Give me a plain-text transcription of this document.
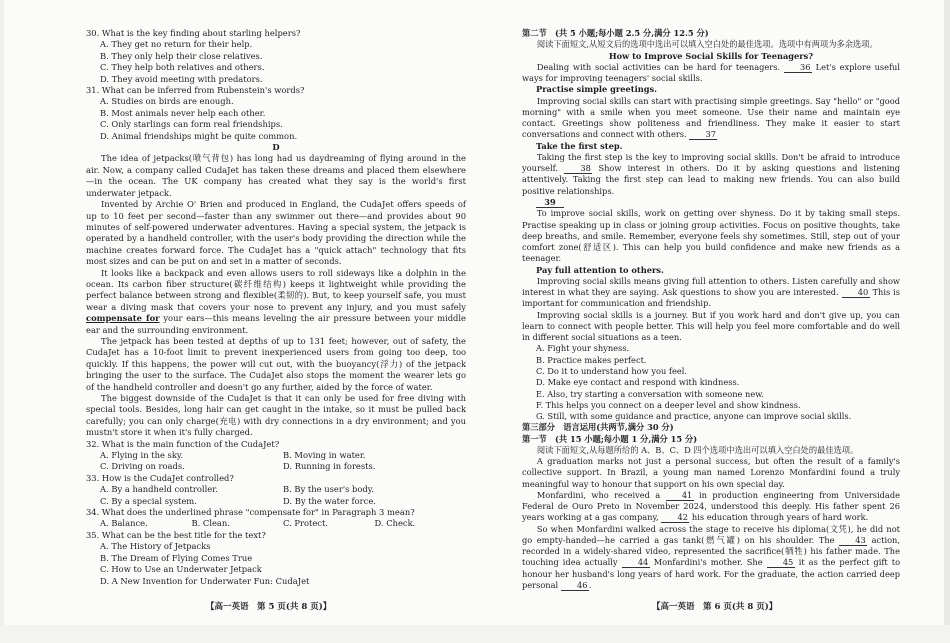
30. What is the key finding about starling helpers?

A. They get no return for their help.

B. They only help their close relatives.

C. They help both relatives and others.

D. They avoid meeting with predators.

31. What can be inferred from Rubenstein's words?

A. Studies on birds are enough.

B. Most animals never help each other.

C. Only starlings can form real friendships.

D. Animal friendships might be quite common.

D

The idea of jetpacks(喷气背包) has long had us daydreaming of flying around in the air. Now, a company called CudaJet has taken these dreams and placed them elsewhere—in the ocean. The UK company has created what they say is the world's first underwater jetpack.

Invented by Archie O' Brien and produced in England, the CudaJet offers speeds of up to 10 feet per second—faster than any swimmer out there—and provides about 90 minutes of self-powered underwater adventures. Having a special system, the jetpack is operated by a handheld controller, with the user's body providing the direction while the machine creates forward force. The CudaJet has a "quick attach" technology that fits most sizes and can be put on and set in a matter of seconds.

It looks like a backpack and even allows users to roll sideways like a dolphin in the ocean. Its carbon fiber structure(碳纤维结构) keeps it lightweight while providing the perfect balance between strong and flexible(柔韧的). But, to keep yourself safe, you must wear a diving mask that covers your nose to prevent any injury, and you must safely compensate for your ears—this means leveling the air pressure between your middle ear and the surrounding environment.

The jetpack has been tested at depths of up to 131 feet; however, out of safety, the CudaJet has a 10-foot limit to prevent inexperienced users from going too deep, too quickly. If this happens, the power will cut out, with the buoyancy(浮力) of the jetpack bringing the user to the surface. The CudaJet also stops the moment the wearer lets go of the handheld controller and doesn't go any further, aided by the force of water.

The biggest downside of the CudaJet is that it can only be used for free diving with special tools. Besides, long hair can get caught in the intake, so it must be pulled back carefully; you can only charge(充电) with dry connections in a dry environment; and you mustn't store it when it's fully charged.

32. What is the main function of the CudaJet?

A. Flying in the sky.	B. Moving in water.
C. Driving on roads.	D. Running in forests.

33. How is the CudaJet controlled?

A. By a handheld controller.	B. By the user's body.
C. By a special system.	D. By the water force.

34. What does the underlined phrase "compensate for" in Paragraph 3 mean?

A. Balance.	B. Clean.	C. Protect.	D. Check.

35. What can be the best title for the text?

A. The History of Jetpacks

B. The Dream of Flying Comes True

C. How to Use an Underwater Jetpack

D. A New Invention for Underwater Fun: CudaJet

【高一英语　第 5 页(共 8 页)】

第二节　(共 5 小题;每小题 2.5 分,满分 12.5 分)

阅读下面短文,从短文后的选项中选出可以填入空白处的最佳选项。选项中有两项为多余选项。

How to Improve Social Skills for Teenagers?

Dealing with social activities can be hard for teenagers. 36 Let's explore useful ways for improving teenagers' social skills.

Practise simple greetings.

Improving social skills can start with practising simple greetings. Say "hello" or "good morning" with a smile when you meet someone. Use their name and maintain eye contact. Greetings show politeness and friendliness. They make it easier to start conversations and connect with others. 37

Take the first step.

Taking the first step is the key to improving social skills. Don't be afraid to introduce yourself.	38 Show interest in others. Do it by asking questions and listening attentively. Taking the first step can lead to making new friends. You can also build positive relationships.

39

To improve social skills, work on getting over shyness. Do it by taking small steps. Practise speaking up in class or joining group activities. Focus on positive thoughts, take deep breaths, and smile. Remember, everyone feels shy sometimes. Still, step out of your comfort zone(舒适区). This can help you build confidence and make new friends as a teenager.

Pay full attention to others.

Improving social skills means giving full attention to others. Listen carefully and show interest in what they are saying. Ask questions to show you are interested. 40 This is important for communication and friendship.

Improving social skills is a journey. But if you work hard and don't give up, you can learn to connect with people better. This will help you feel more comfortable and do well in different social situations as a teen.

A. Fight your shyness.

B. Practice makes perfect.

C. Do it to understand how you feel.

D. Make eye contact and respond with kindness.

E. Also, try starting a conversation with someone new.

F. This helps you connect on a deeper level and show kindness.

G. Still, with some guidance and practice, anyone can improve social skills.

第三部分　语言运用(共两节,满分 30 分)

第一节　(共 15 小题;每小题 1 分,满分 15 分)

阅读下面短文,从每题所给的 A、B、C、D 四个选项中选出可以填入空白处的最佳选项。

A graduation marks not just a personal success, but often the result of a family's collective support. In Brazil, a young man named Lorenzo Monfardini found a truly meaningful way to honour that support on his own special day.

Monfardini, who received a	41 in production engineering from Universidade Federal de Ouro Preto in November 2024, understood this deeply. His father spent 26 years working at a gas company, 42 his education through years of hard work.

So when Monfardini walked across the stage to receive his diploma(文凭), he did not go empty-handed—he carried a gas tank(燃气罐) on his shoulder. The	43 action, recorded in a widely-shared video, represented the sacrifice(牺牲) his father made. The touching idea actually 44 Monfardini's mother. She 45 it as the perfect gift to honour her husband's long years of hard work. For the graduate, the action carried deep personal 46.

【高一英语　第 6 页(共 8 页)】
